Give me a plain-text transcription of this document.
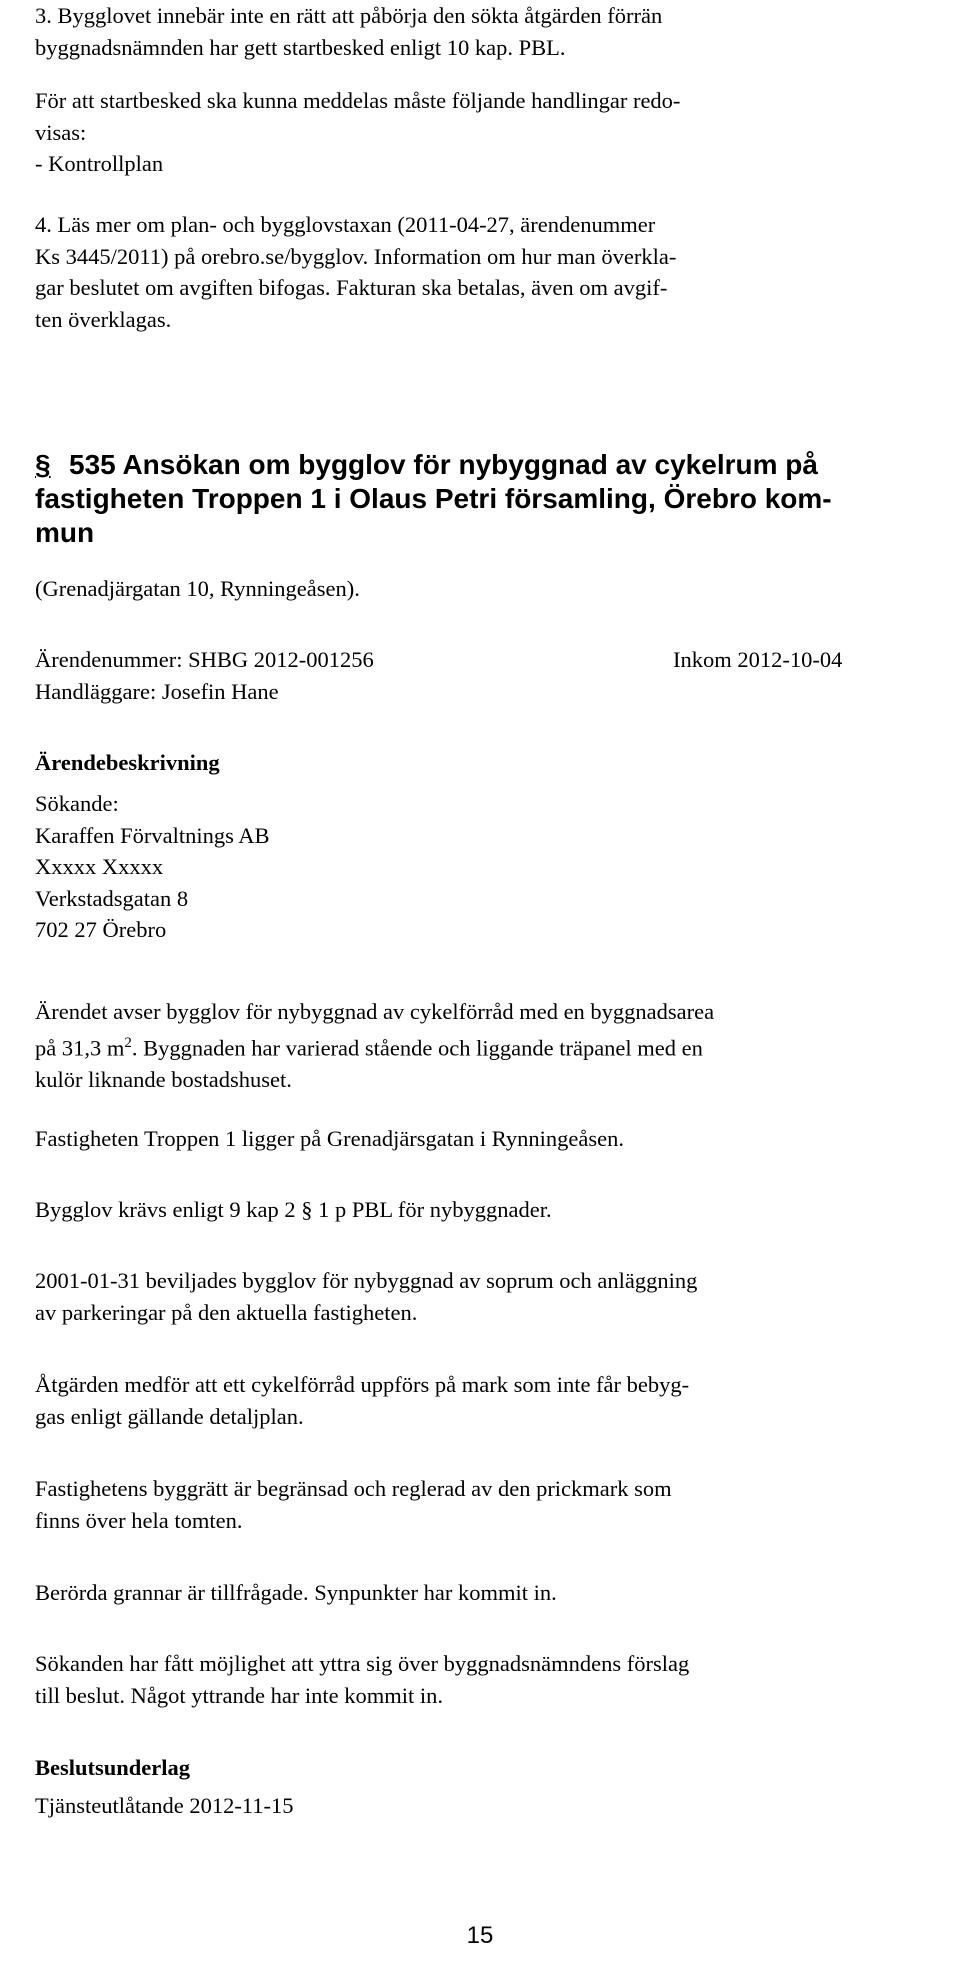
3. Bygglovet innebär inte en rätt att påbörja den sökta åtgärden förrän
byggnadsnämnden har gett startbesked enligt 10 kap. PBL.
För att startbesked ska kunna meddelas måste följande handlingar redo-
visas:
- Kontrollplan
4. Läs mer om plan- och bygglovstaxan (2011-04-27, ärendenummer
Ks 3445/2011) på orebro.se/bygglov. Information om hur man överkla-
gar beslutet om avgiften bifogas. Fakturan ska betalas, även om avgif-
ten överklagas.
§ 535 Ansökan om bygglov för nybyggnad av cykelrum på
fastigheten Troppen 1 i Olaus Petri församling, Örebro kom-
mun
(Grenadjärgatan 10, Rynningeåsen).
Ärendenummer: SHBG 2012-001256	Inkom 2012-10-04
Handläggare: Josefin Hane
Ärendebeskrivning
Sökande:
Karaffen Förvaltnings AB
Xxxxx Xxxxx
Verkstadsgatan 8
702 27 Örebro
Ärendet avser bygglov för nybyggnad av cykelförråd med en byggnadsarea
på 31,3 $m^2$. Byggnaden har varierad stående och liggande träpanel med en
kulör liknande bostadshuset.
Fastigheten Troppen 1 ligger på Grenadjärsgatan i Rynningeåsen.
Bygglov krävs enligt 9 kap 2 § 1 p PBL för nybyggnader.
2001-01-31 beviljades bygglov för nybyggnad av soprum och anläggning
av parkeringar på den aktuella fastigheten.
Åtgärden medför att ett cykelförråd uppförs på mark som inte får bebyg-
gas enligt gällande detaljplan.
Fastighetens byggrätt är begränsad och reglerad av den prickmark som
finns över hela tomten.
Berörda grannar är tillfrågade. Synpunkter har kommit in.
Sökanden har fått möjlighet att yttra sig över byggnadsnämndens förslag
till beslut. Något yttrande har inte kommit in.
Beslutsunderlag
Tjänsteutlåtande 2012-11-15
15
